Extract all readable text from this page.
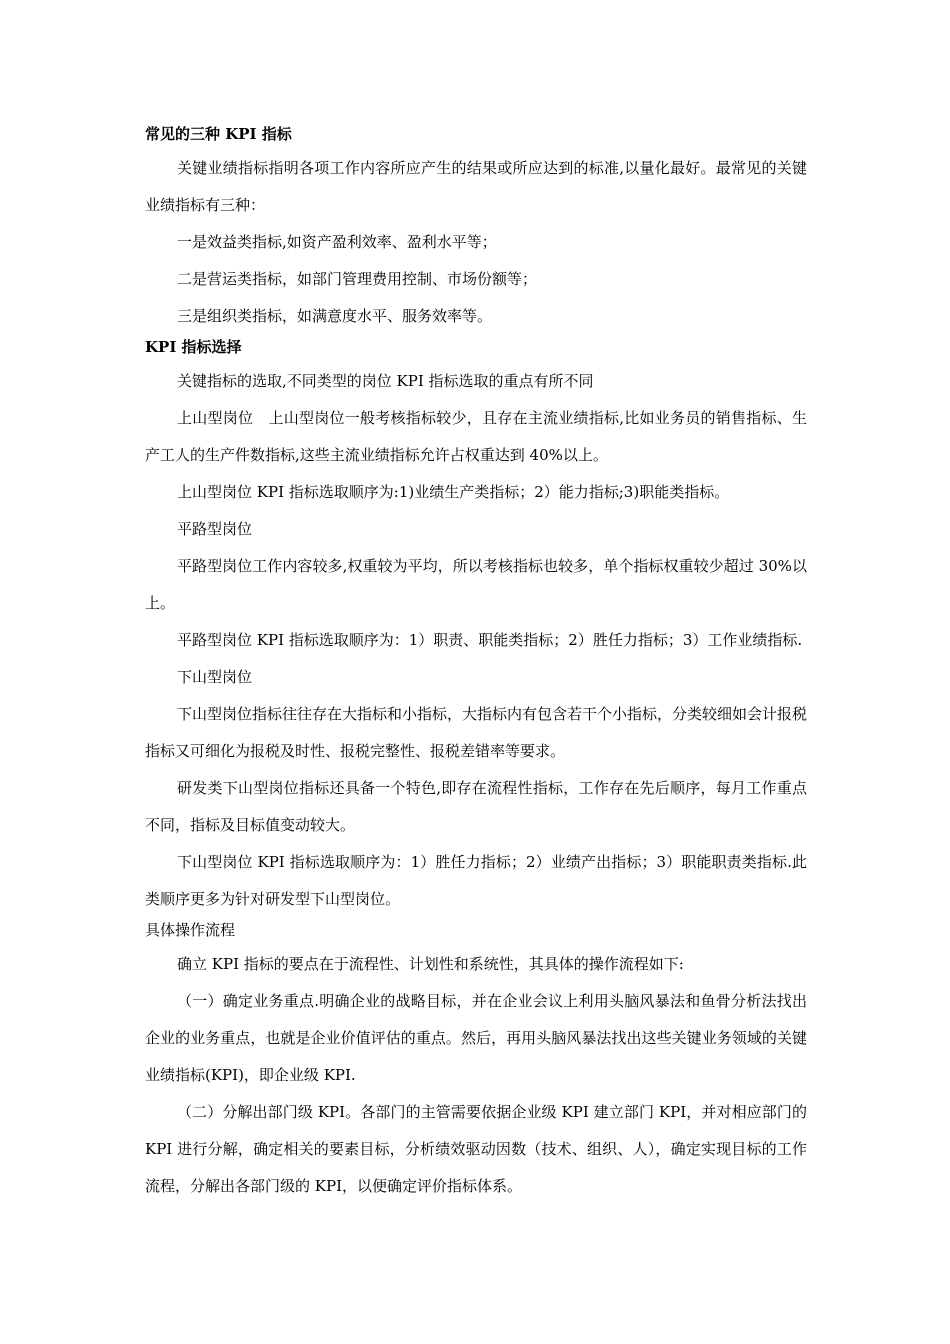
常见的三种 KPI 指标

关键业绩指标指明各项工作内容所应产生的结果或所应达到的标准,以量化最好。最常见的关键业绩指标有三种：

一是效益类指标,如资产盈利效率、盈利水平等；

二是营运类指标，如部门管理费用控制、市场份额等；

三是组织类指标，如满意度水平、服务效率等。

KPI 指标选择

关键指标的选取,不同类型的岗位 KPI 指标选取的重点有所不同

上山型岗位　上山型岗位一般考核指标较少，且存在主流业绩指标,比如业务员的销售指标、生产工人的生产件数指标,这些主流业绩指标允许占权重达到 40%以上。

上山型岗位 KPI 指标选取顺序为:1)业绩生产类指标；2）能力指标;3)职能类指标。

平路型岗位

平路型岗位工作内容较多,权重较为平均，所以考核指标也较多，单个指标权重较少超过 30%以上。

平路型岗位 KPI 指标选取顺序为：1）职责、职能类指标；2）胜任力指标；3）工作业绩指标.

下山型岗位

下山型岗位指标往往存在大指标和小指标，大指标内有包含若干个小指标，分类较细如会计报税指标又可细化为报税及时性、报税完整性、报税差错率等要求。

研发类下山型岗位指标还具备一个特色,即存在流程性指标，工作存在先后顺序，每月工作重点不同，指标及目标值变动较大。

下山型岗位 KPI 指标选取顺序为：1）胜任力指标；2）业绩产出指标；3）职能职责类指标.此类顺序更多为针对研发型下山型岗位。

具体操作流程

确立 KPI 指标的要点在于流程性、计划性和系统性，其具体的操作流程如下:

（一）确定业务重点.明确企业的战略目标，并在企业会议上利用头脑风暴法和鱼骨分析法找出企业的业务重点，也就是企业价值评估的重点。然后，再用头脑风暴法找出这些关键业务领域的关键业绩指标(KPI)，即企业级 KPI.

（二）分解出部门级 KPI。各部门的主管需要依据企业级 KPI 建立部门 KPI，并对相应部门的 KPI 进行分解，确定相关的要素目标，分析绩效驱动因数（技术、组织、人），确定实现目标的工作流程，分解出各部门级的 KPI，以便确定评价指标体系。
